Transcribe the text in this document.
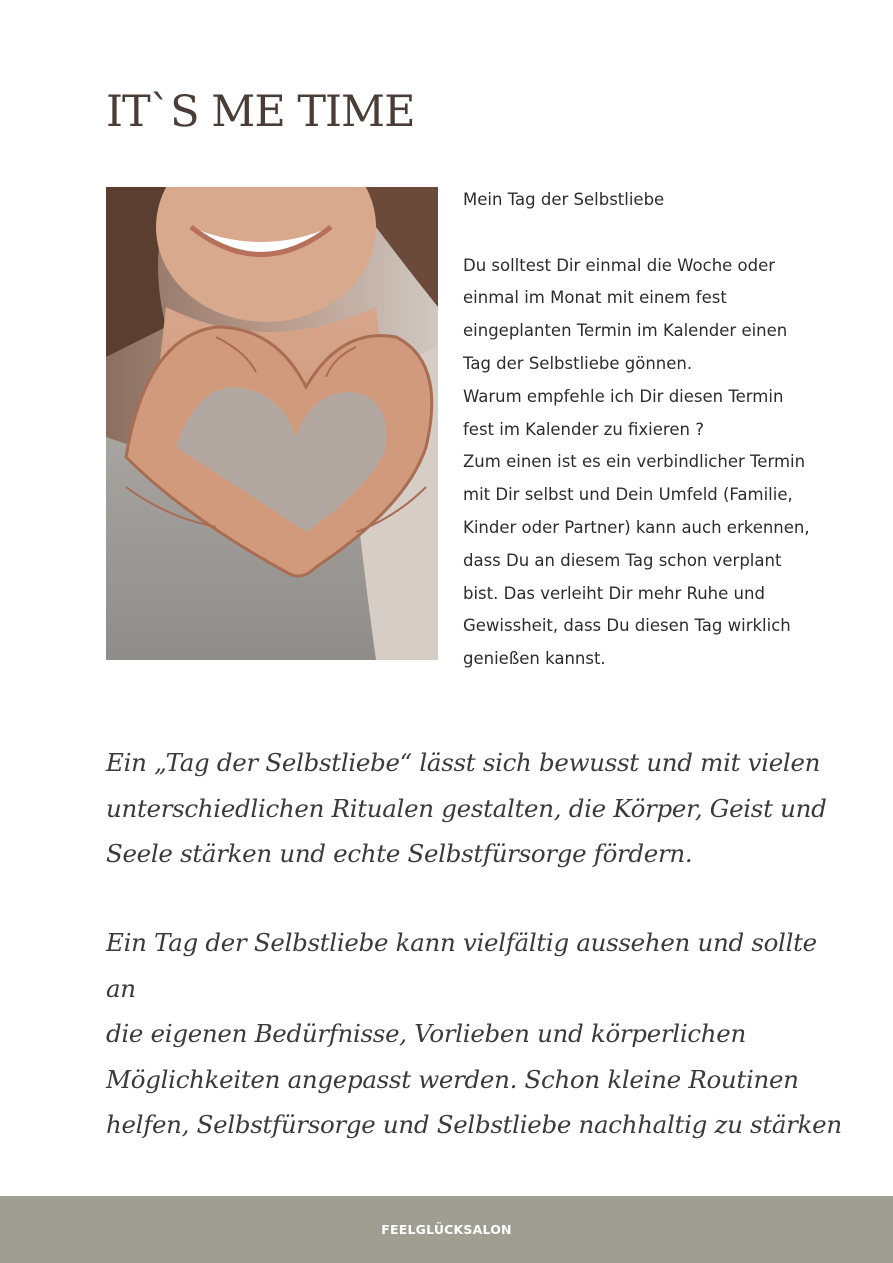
IT`S ME TIME

Mein Tag der Selbstliebe

Du solltest Dir einmal die Woche oder
einmal im Monat mit einem fest
eingeplanten Termin im Kalender einen
Tag der Selbstliebe gönnen.
Warum empfehle ich Dir diesen Termin
fest im Kalender zu fixieren ?
Zum einen ist es ein verbindlicher Termin
mit Dir selbst und Dein Umfeld (Familie,
Kinder oder Partner) kann auch erkennen,
dass Du an diesem Tag schon verplant
bist. Das verleiht Dir mehr Ruhe und
Gewissheit, dass Du diesen Tag wirklich
genießen kannst.

Ein „Tag der Selbstliebe“ lässt sich bewusst und mit vielen
unterschiedlichen Ritualen gestalten, die Körper, Geist und
Seele stärken und echte Selbstfürsorge fördern.

Ein Tag der Selbstliebe kann vielfältig aussehen und sollte an
die eigenen Bedürfnisse, Vorlieben und körperlichen
Möglichkeiten angepasst werden. Schon kleine Routinen
helfen, Selbstfürsorge und Selbstliebe nachhaltig zu stärken

FEELGLÜCKSALON
